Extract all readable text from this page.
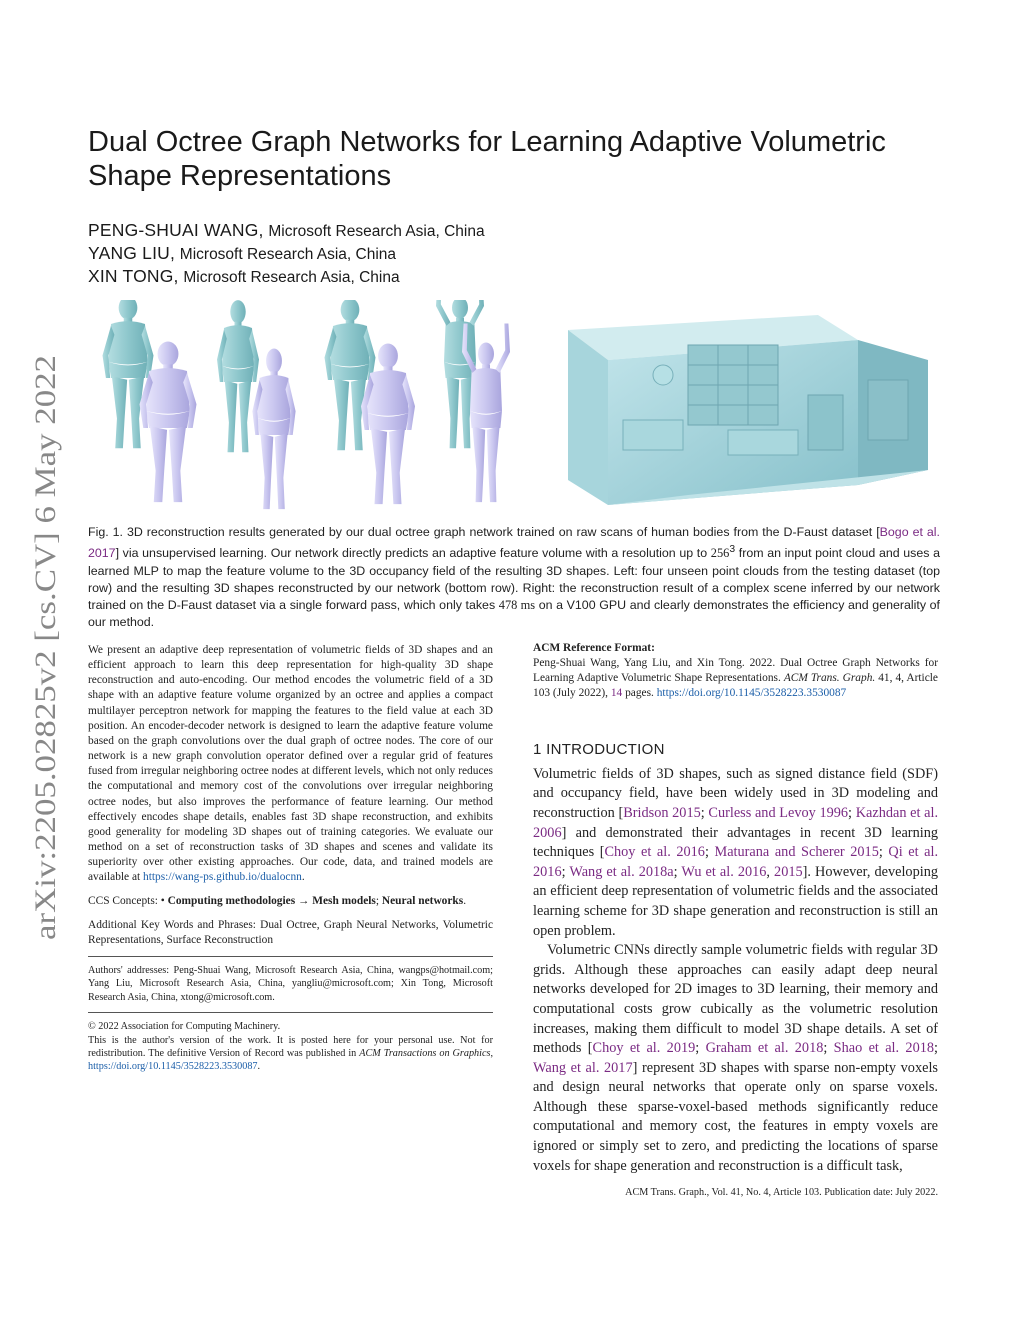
arXiv:2205.02825v2 [cs.CV] 6 May 2022
Dual Octree Graph Networks for Learning Adaptive Volumetric Shape Representations
PENG-SHUAI WANG, Microsoft Research Asia, China
YANG LIU, Microsoft Research Asia, China
XIN TONG, Microsoft Research Asia, China
Fig. 1. 3D reconstruction results generated by our dual octree graph network trained on raw scans of human bodies from the D-Faust dataset [Bogo et al. 2017] via unsupervised learning. Our network directly predicts an adaptive feature volume with a resolution up to $256^3$ from an input point cloud and uses a learned MLP to map the feature volume to the 3D occupancy field of the resulting 3D shapes. Left: four unseen point clouds from the testing dataset (top row) and the resulting 3D shapes reconstructed by our network (bottom row). Right: the reconstruction result of a complex scene inferred by our network trained on the D-Faust dataset via a single forward pass, which only takes 478 ms on a V100 GPU and clearly demonstrates the efficiency and generality of our method.

We present an adaptive deep representation of volumetric fields of 3D shapes and an efficient approach to learn this deep representation for high-quality 3D shape reconstruction and auto-encoding. Our method encodes the volumetric field of a 3D shape with an adaptive feature volume organized by an octree and applies a compact multilayer perceptron network for mapping the features to the field value at each 3D position. An encoder-decoder network is designed to learn the adaptive feature volume based on the graph convolutions over the dual graph of octree nodes. The core of our network is a new graph convolution operator defined over a regular grid of features fused from irregular neighboring octree nodes at different levels, which not only reduces the computational and memory cost of the convolutions over irregular neighboring octree nodes, but also improves the performance of feature learning. Our method effectively encodes shape details, enables fast 3D shape reconstruction, and exhibits good generality for modeling 3D shapes out of training categories. We evaluate our method on a set of reconstruction tasks of 3D shapes and scenes and validate its superiority over other existing approaches. Our code, data, and trained models are available at https://wang-ps.github.io/dualocnn.

CCS Concepts: • Computing methodologies → Mesh models; Neural networks.

Additional Key Words and Phrases: Dual Octree, Graph Neural Networks, Volumetric Representations, Surface Reconstruction

Authors' addresses: Peng-Shuai Wang, Microsoft Research Asia, China, wangps@hotmail.com; Yang Liu, Microsoft Research Asia, China, yangliu@microsoft.com; Xin Tong, Microsoft Research Asia, China, xtong@microsoft.com.

© 2022 Association for Computing Machinery.

This is the author's version of the work. It is posted here for your personal use. Not for redistribution. The definitive Version of Record was published in ACM Transactions on Graphics, https://doi.org/10.1145/3528223.3530087.

ACM Reference Format:

Peng-Shuai Wang, Yang Liu, and Xin Tong. 2022. Dual Octree Graph Networks for Learning Adaptive Volumetric Shape Representations. ACM Trans. Graph. 41, 4, Article 103 (July 2022), 14 pages. https://doi.org/10.1145/3528223.3530087

1 INTRODUCTION

Volumetric fields of 3D shapes, such as signed distance field (SDF) and occupancy field, have been widely used in 3D modeling and reconstruction [Bridson 2015; Curless and Levoy 1996; Kazhdan et al. 2006] and demonstrated their advantages in recent 3D learning techniques [Choy et al. 2016; Maturana and Scherer 2015; Qi et al. 2016; Wang et al. 2018a; Wu et al. 2016, 2015]. However, developing an efficient deep representation of volumetric fields and the associated learning scheme for 3D shape generation and reconstruction is still an open problem.

Volumetric CNNs directly sample volumetric fields with regular 3D grids. Although these approaches can easily adapt deep neural networks developed for 2D images to 3D learning, their memory and computational costs grow cubically as the volumetric resolution increases, making them difficult to model 3D shape details. A set of methods [Choy et al. 2019; Graham et al. 2018; Shao et al. 2018; Wang et al. 2017] represent 3D shapes with sparse non-empty voxels and design neural networks that operate only on sparse voxels. Although these sparse-voxel-based methods significantly reduce computational and memory cost, the features in empty voxels are ignored or simply set to zero, and predicting the locations of sparse voxels for shape generation and reconstruction is a difficult task,

ACM Trans. Graph., Vol. 41, No. 4, Article 103. Publication date: July 2022.
